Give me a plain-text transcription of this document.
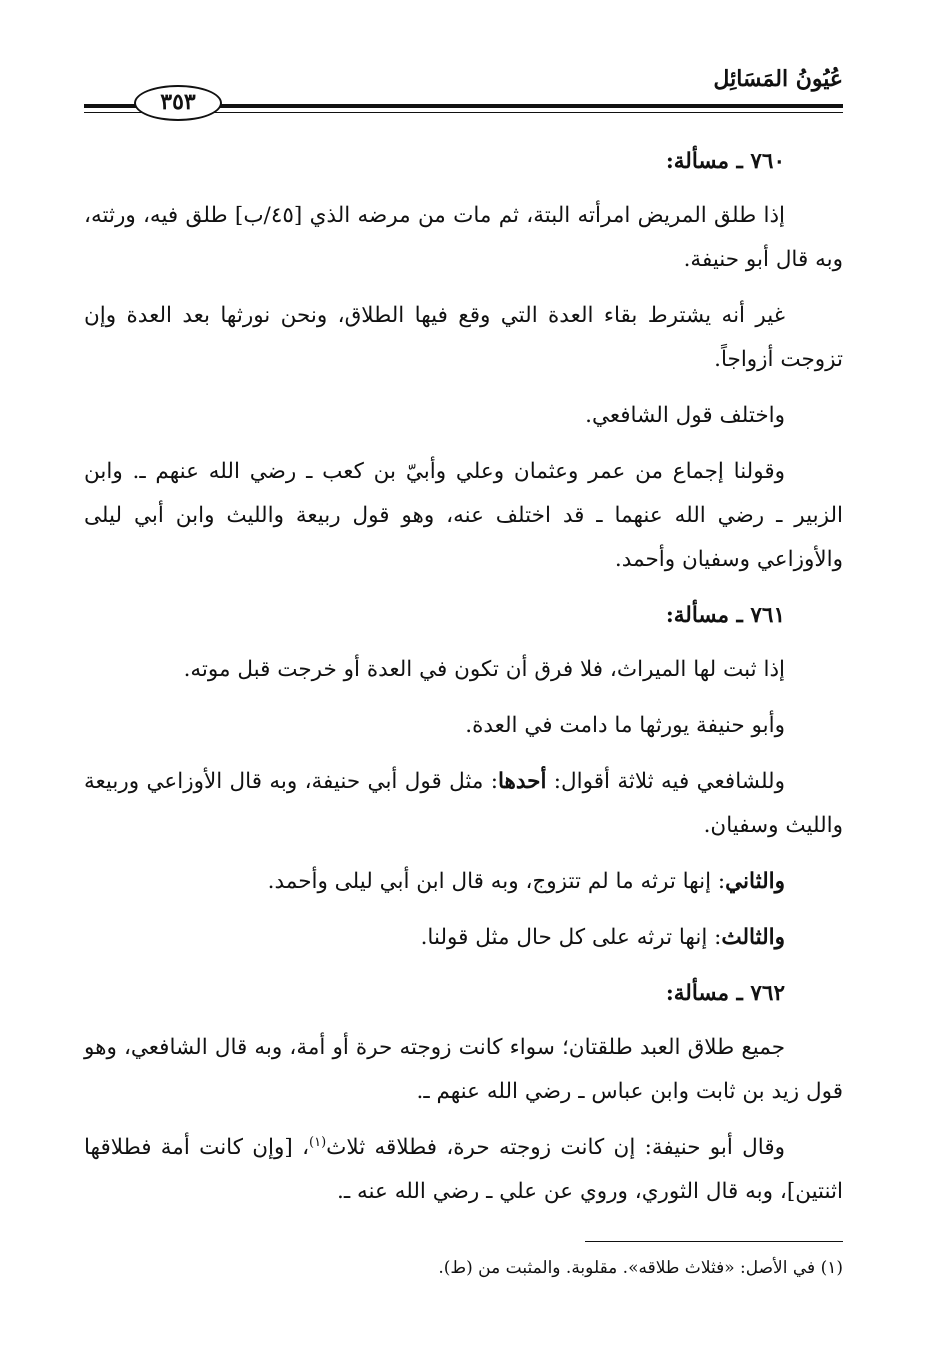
عُيُونُ المَسَائِل
٣٥٣

٧٦٠ ـ مسألة:

إذا طلق المريض امرأته البتة، ثم مات من مرضه الذي [٤٥/ب] طلق فيه، ورثته، وبه قال أبو حنيفة.

غير أنه يشترط بقاء العدة التي وقع فيها الطلاق، ونحن نورثها بعد العدة وإن تزوجت أزواجاً.

واختلف قول الشافعي.

وقولنا إجماع من عمر وعثمان وعلي وأبيّ بن كعب ـ رضي الله عنهم ـ. وابن الزبير ـ رضي الله عنهما ـ قد اختلف عنه، وهو قول ربيعة والليث وابن أبي ليلى والأوزاعي وسفيان وأحمد.

٧٦١ ـ مسألة:

إذا ثبت لها الميراث، فلا فرق أن تكون في العدة أو خرجت قبل موته.

وأبو حنيفة يورثها ما دامت في العدة.

وللشافعي فيه ثلاثة أقوال: أحدها: مثل قول أبي حنيفة، وبه قال الأوزاعي وربيعة والليث وسفيان.

والثاني: إنها ترثه ما لم تتزوج، وبه قال ابن أبي ليلى وأحمد.

والثالث: إنها ترثه على كل حال مثل قولنا.

٧٦٢ ـ مسألة:

جميع طلاق العبد طلقتان؛ سواء كانت زوجته حرة أو أمة، وبه قال الشافعي، وهو قول زيد بن ثابت وابن عباس ـ رضي الله عنهم ـ.

وقال أبو حنيفة: إن كانت زوجته حرة، فطلاقه ثلاث$^{(١)}$، [وإن كانت أمة فطلاقها اثنتين]، وبه قال الثوري، وروي عن علي ـ رضي الله عنه ـ.

(١) في الأصل: «فثلاث طلاقه». مقلوبة. والمثبت من (ط).
